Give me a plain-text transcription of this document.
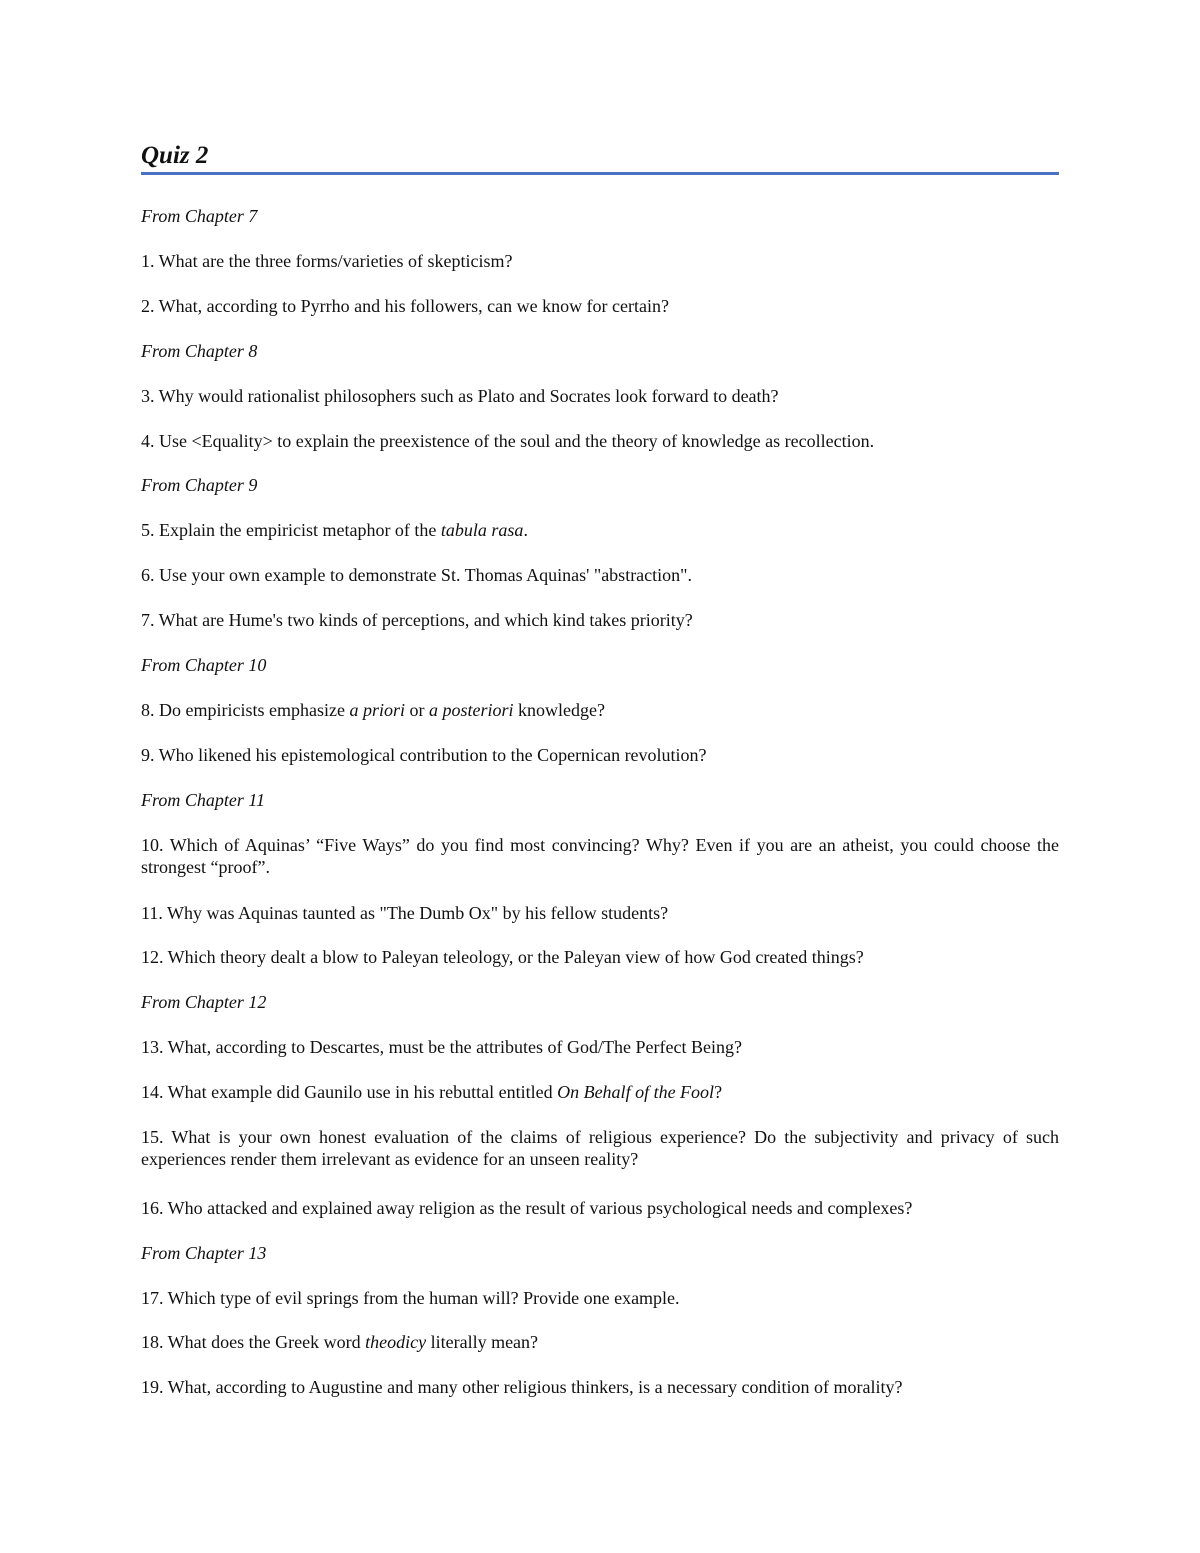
Quiz 2

From Chapter 7

1. What are the three forms/varieties of skepticism?

2. What, according to Pyrrho and his followers, can we know for certain?

From Chapter 8

3. Why would rationalist philosophers such as Plato and Socrates look forward to death?

4. Use <Equality> to explain the preexistence of the soul and the theory of knowledge as recollection.

From Chapter 9

5. Explain the empiricist metaphor of the tabula rasa.

6. Use your own example to demonstrate St. Thomas Aquinas' "abstraction".

7. What are Hume's two kinds of perceptions, and which kind takes priority?

From Chapter 10

8. Do empiricists emphasize a priori or a posteriori knowledge?

9. Who likened his epistemological contribution to the Copernican revolution?

From Chapter 11

10. Which of Aquinas’ “Five Ways” do you find most convincing? Why? Even if you are an atheist, you could choose the strongest “proof”.

11. Why was Aquinas taunted as "The Dumb Ox" by his fellow students?

12. Which theory dealt a blow to Paleyan teleology, or the Paleyan view of how God created things?

From Chapter 12

13. What, according to Descartes, must be the attributes of God/The Perfect Being?

14. What example did Gaunilo use in his rebuttal entitled On Behalf of the Fool?

15. What is your own honest evaluation of the claims of religious experience? Do the subjectivity and privacy of such experiences render them irrelevant as evidence for an unseen reality?

16. Who attacked and explained away religion as the result of various psychological needs and complexes?

From Chapter 13

17. Which type of evil springs from the human will? Provide one example.

18. What does the Greek word theodicy literally mean?

19. What, according to Augustine and many other religious thinkers, is a necessary condition of morality?
